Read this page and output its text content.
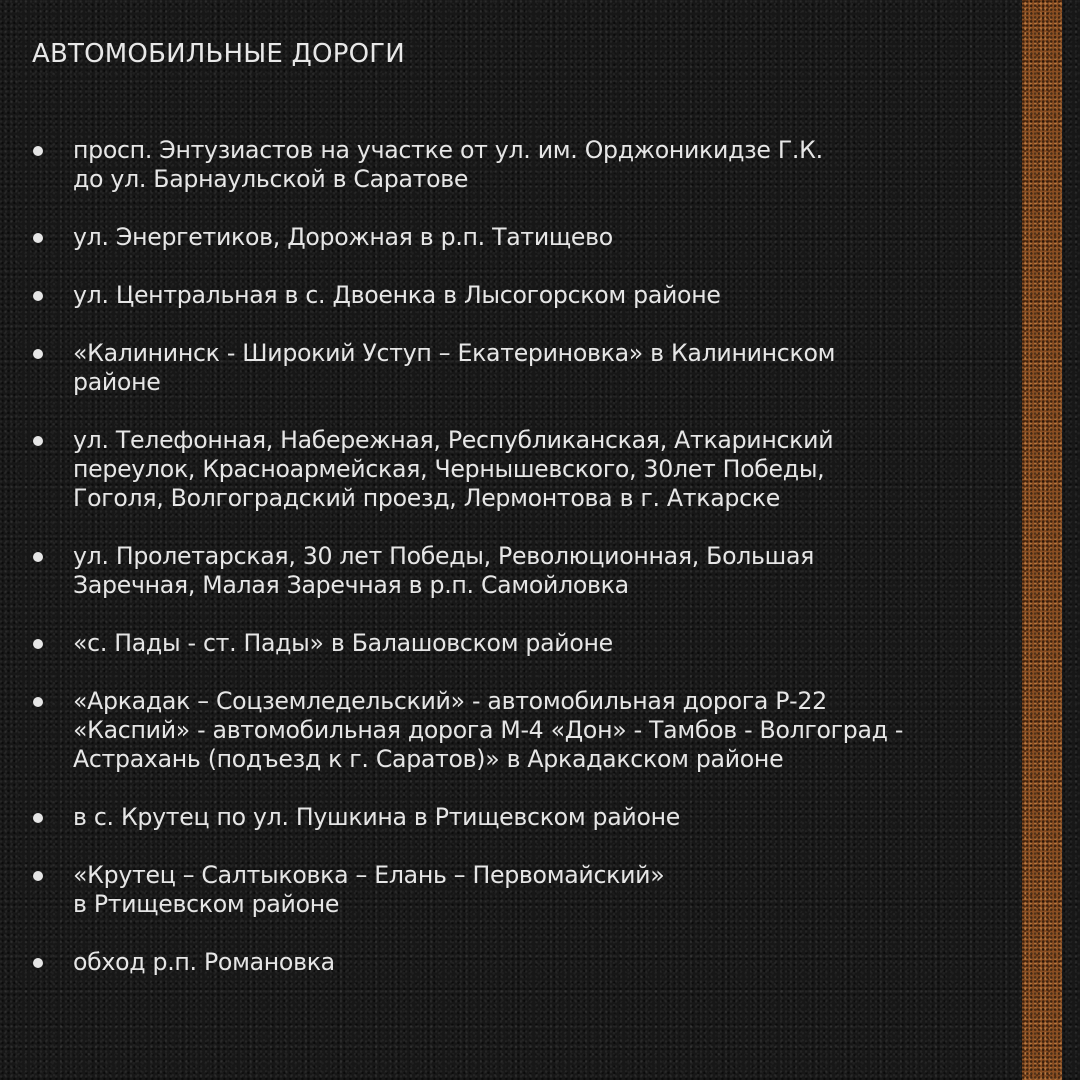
АВТОМОБИЛЬНЫЕ ДОРОГИ
просп. Энтузиастов на участке от ул. им. Орджоникидзе Г.К.
до ул. Барнаульской в Саратове
ул. Энергетиков, Дорожная в р.п. Татищево
ул. Центральная в с. Двоенка в Лысогорском районе
«Калининск - Широкий Уступ – Екатериновка» в Калининском
районе
ул. Телефонная, Набережная, Республиканская, Аткаринский
переулок, Красноармейская, Чернышевского, 30лет Победы,
Гоголя, Волгоградский проезд, Лермонтова в г. Аткарске
ул. Пролетарская, 30 лет Победы, Революционная, Большая
Заречная, Малая Заречная в р.п. Самойловка
«с. Пады - ст. Пады» в Балашовском районе
«Аркадак – Соцземледельский» - автомобильная дорога Р-22
«Каспий» - автомобильная дорога М-4 «Дон» - Тамбов - Волгоград -
Астрахань (подъезд к г. Саратов)» в Аркадакском районе
в с. Крутец по ул. Пушкина в Ртищевском районе
«Крутец – Салтыковка – Елань – Первомайский»
в Ртищевском районе
обход р.п. Романовка
